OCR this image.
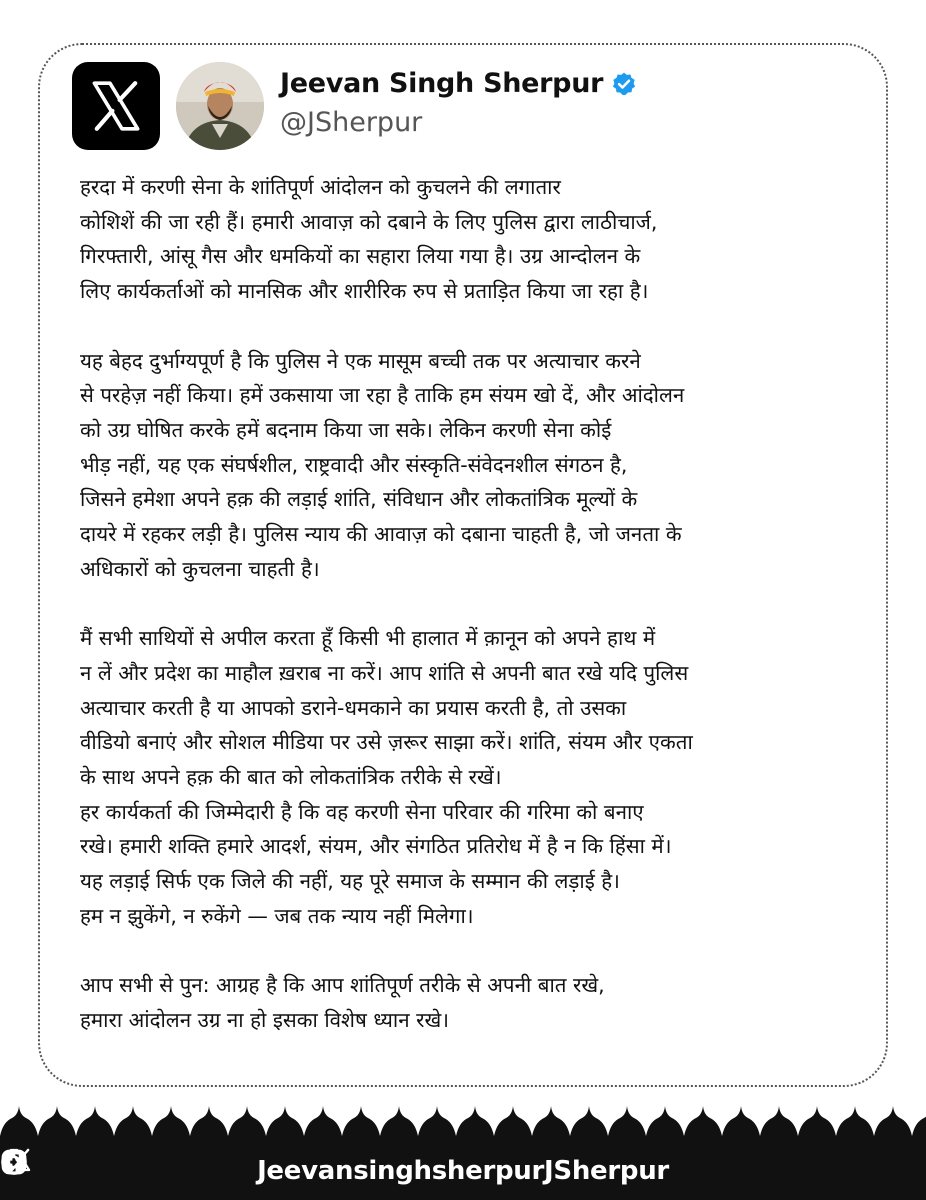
Jeevan Singh Sherpur
@JSherpur
हरदा में करणी सेना के शांतिपूर्ण आंदोलन को कुचलने की लगातार
कोशिशें की जा रही हैं। हमारी आवाज़ को दबाने के लिए पुलिस द्वारा लाठीचार्ज,
गिरफ्तारी, आंसू गैस और धमकियों का सहारा लिया गया है। उग्र आन्दोलन के
लिए कार्यकर्ताओं को मानसिक और शारीरिक रुप से प्रताड़ित किया जा रहा है।
यह बेहद दुर्भाग्यपूर्ण है कि पुलिस ने एक मासूम बच्ची तक पर अत्याचार करने
से परहेज़ नहीं किया। हमें उकसाया जा रहा है ताकि हम संयम खो दें, और आंदोलन
को उग्र घोषित करके हमें बदनाम किया जा सके। लेकिन करणी सेना कोई
भीड़ नहीं, यह एक संघर्षशील, राष्ट्रवादी और संस्कृति-संवेदनशील संगठन है,
जिसने हमेशा अपने हक़ की लड़ाई शांति, संविधान और लोकतांत्रिक मूल्यों के
दायरे में रहकर लड़ी है। पुलिस न्याय की आवाज़ को दबाना चाहती है, जो जनता के
अधिकारों को कुचलना चाहती है।
मैं सभी साथियों से अपील करता हूँ किसी भी हालात में क़ानून को अपने हाथ में
न लें और प्रदेश का माहौल ख़राब ना करें। आप शांति से अपनी बात रखे यदि पुलिस
अत्याचार करती है या आपको डराने-धमकाने का प्रयास करती है, तो उसका
वीडियो बनाएं और सोशल मीडिया पर उसे ज़रूर साझा करें। शांति, संयम और एकता
के साथ अपने हक़ की बात को लोकतांत्रिक तरीके से रखें।
हर कार्यकर्ता की जिम्मेदारी है कि वह करणी सेना परिवार की गरिमा को बनाए
रखे। हमारी शक्ति हमारे आदर्श, संयम, और संगठित प्रतिरोध में है न कि हिंसा में।
यह लड़ाई सिर्फ एक जिले की नहीं, यह पूरे समाज के सम्मान की लड़ाई है।
हम न झुकेंगे, न रुकेंगे — जब तक न्याय नहीं मिलेगा।
आप सभी से पुन: आग्रह है कि आप शांतिपूर्ण तरीके से अपनी बात रखे,
हमारा आंदोलन उग्र ना हो इसका विशेष ध्यान रखे।
Jeevansinghsherpur JSherpur
